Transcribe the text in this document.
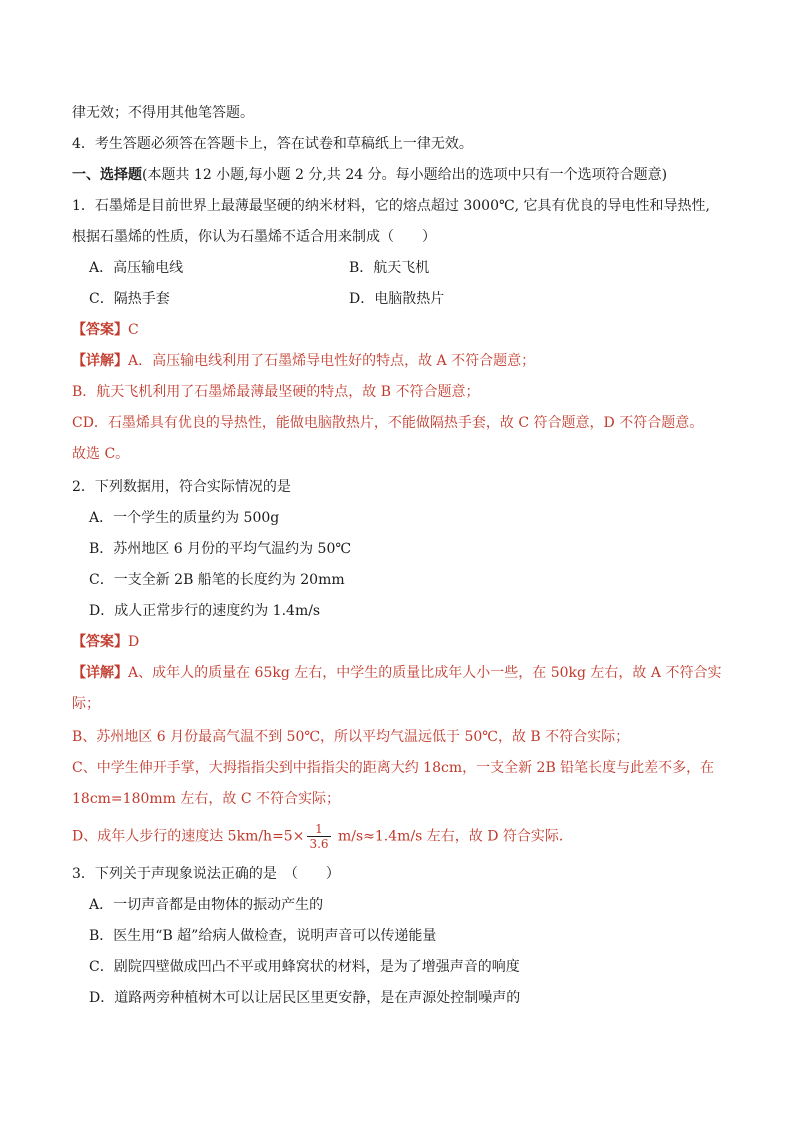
律无效；不得用其他笔答题。
4．考生答题必须答在答题卡上，答在试卷和草稿纸上一律无效。
一、选择题(本题共 12 小题,每小题 2 分,共 24 分。每小题给出的选项中只有一个选项符合题意)
1．石墨烯是目前世界上最薄最坚硬的纳米材料，它的熔点超过 3000℃, 它具有优良的导电性和导热性,
根据石墨烯的性质，你认为石墨烯不适合用来制成（　　）
A．高压输电线	B．航天飞机
C．隔热手套	D．电脑散热片
【答案】C
【详解】A．高压输电线利用了石墨烯导电性好的特点，故 A 不符合题意；
B．航天飞机利用了石墨烯最薄最坚硬的特点，故 B 不符合题意；
CD．石墨烯具有优良的导热性，能做电脑散热片，不能做隔热手套，故 C 符合题意，D 不符合题意。
故选 C。
2．下列数据用，符合实际情况的是
A．一个学生的质量约为 500g
B．苏州地区 6 月份的平均气温约为 50℃
C．一支全新 2B 船笔的长度约为 20mm
D．成人正常步行的速度约为 1.4m/s
【答案】D
【详解】A、成年人的质量在 65kg 左右，中学生的质量比成年人小一些，在 50kg 左右，故 A 不符合实
际；
B、苏州地区 6 月份最高气温不到 50℃，所以平均气温远低于 50℃，故 B 不符合实际；
C、中学生伸开手掌，大拇指指尖到中指指尖的距离大约 18cm，一支全新 2B 铅笔长度与此差不多，在
18cm=180mm 左右，故 C 不符合实际；
D、成年人步行的速度达 $5km/h=5\times \frac{1}{3.6} m/s\approx 1.4m/s$ 左右，故 D 符合实际．
3．下列关于声现象说法正确的是　（　　）
A．一切声音都是由物体的振动产生的
B．医生用“B 超”给病人做检查，说明声音可以传递能量
C．剧院四壁做成凹凸不平或用蜂窝状的材料，是为了增强声音的响度
D．道路两旁种植树木可以让居民区里更安静，是在声源处控制噪声的
